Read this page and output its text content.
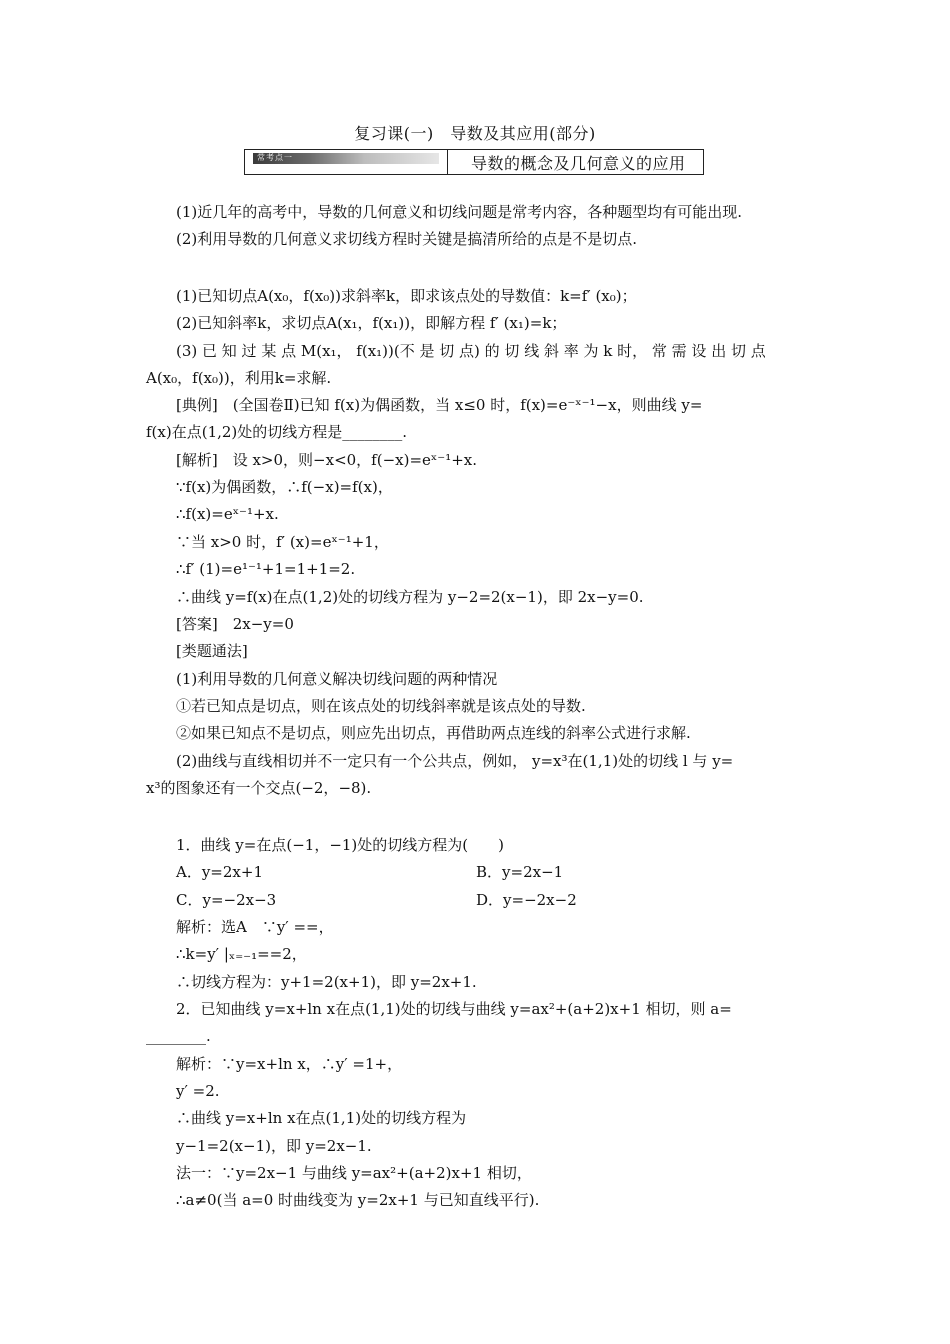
复习课(一)　导数及其应用(部分)
常考点一	导数的概念及几何意义的应用
(1)近几年的高考中，导数的几何意义和切线问题是常考内容，各种题型均有可能出现.
(2)利用导数的几何意义求切线方程时关键是搞清所给的点是不是切点.
(1)已知切点A(x₀，f(x₀))求斜率k，即求该点处的导数值：k=f′ (x₀)；
(2)已知斜率k，求切点A(x₁，f(x₁))，即解方程 f′ (x₁)=k；
(3) 已 知 过 某 点 M(x₁， f(x₁))(不 是 切 点) 的 切 线 斜 率 为 k 时， 常 需 设 出 切 点
A(x₀，f(x₀))，利用k=求解.
[典例]　(全国卷Ⅱ)已知 f(x)为偶函数，当 x≤0 时，f(x)=e⁻ˣ⁻¹−x，则曲线 y=
f(x)在点(1,2)处的切线方程是________.
[解析]　设 x>0，则−x<0，f(−x)=eˣ⁻¹+x.
∵f(x)为偶函数，∴f(−x)=f(x)，
∴f(x)=eˣ⁻¹+x.
∵当 x>0 时，f′ (x)=eˣ⁻¹+1，
∴f′ (1)=e¹⁻¹+1=1+1=2.
∴曲线 y=f(x)在点(1,2)处的切线方程为 y−2=2(x−1)，即 2x−y=0.
[答案]　2x−y=0
[类题通法]
(1)利用导数的几何意义解决切线问题的两种情况
①若已知点是切点，则在该点处的切线斜率就是该点处的导数.
②如果已知点不是切点，则应先出切点，再借助两点连线的斜率公式进行求解.
(2)曲线与直线相切并不一定只有一个公共点，例如， y=x³在(1,1)处的切线 l 与 y=
x³的图象还有一个交点(−2，−8).
1．曲线 y=在点(−1，−1)处的切线方程为(　　)
A．y=2x+1	B．y=2x−1
C．y=−2x−3	D．y=−2x−2
解析：选A　∵y′ ==，
∴k=y′ |ₓ₌₋₁==2，
∴切线方程为：y+1=2(x+1)，即 y=2x+1.
2．已知曲线 y=x+ln x在点(1,1)处的切线与曲线 y=ax²+(a+2)x+1 相切，则 a=
________.
解析：∵y=x+ln x，∴y′ =1+，
y′ =2.
∴曲线 y=x+ln x在点(1,1)处的切线方程为
y−1=2(x−1)，即 y=2x−1.
法一：∵y=2x−1 与曲线 y=ax²+(a+2)x+1 相切，
∴a≠0(当 a=0 时曲线变为 y=2x+1 与已知直线平行).
